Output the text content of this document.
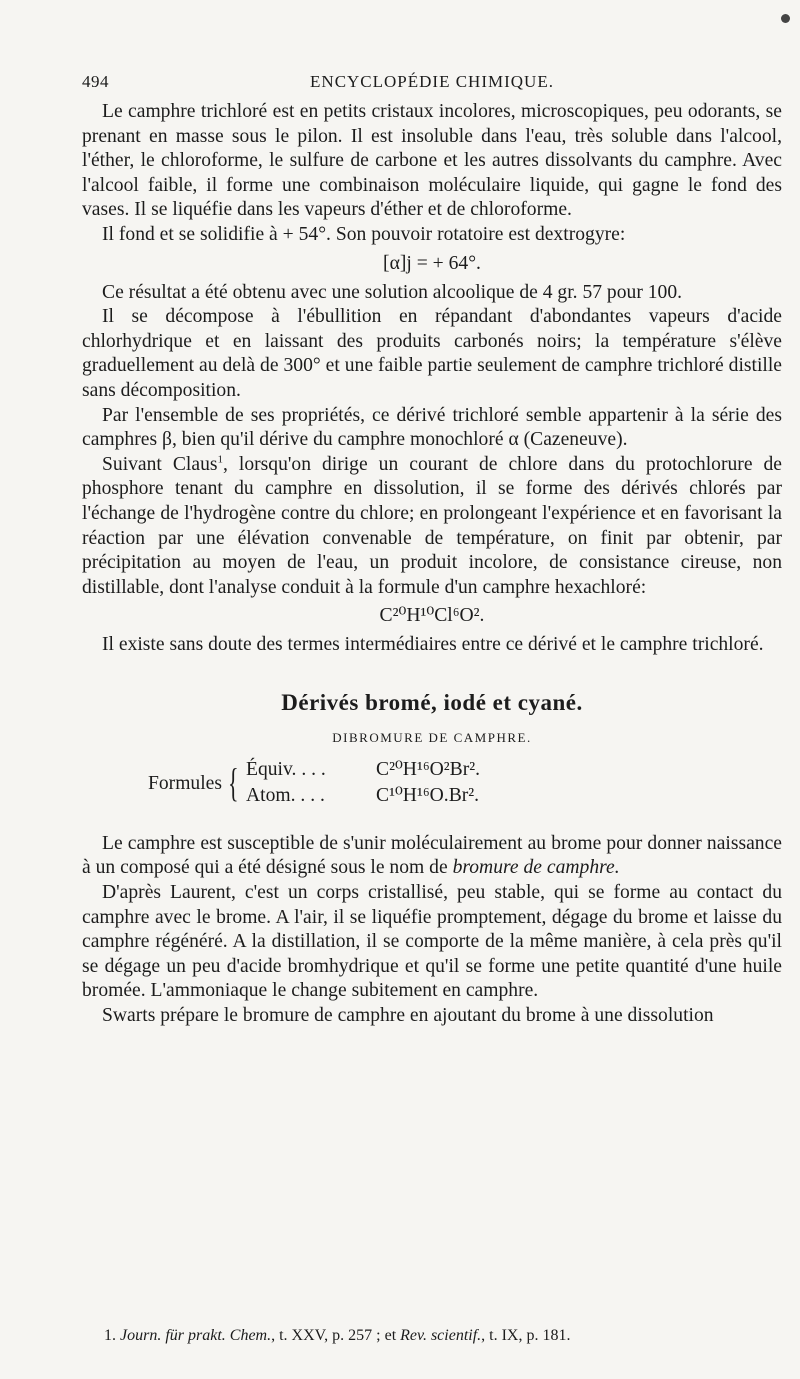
494	ENCYCLOPÉDIE CHIMIQUE.

Le camphre trichloré est en petits cristaux incolores, microscopiques, peu odorants, se prenant en masse sous le pilon. Il est insoluble dans l'eau, très soluble dans l'alcool, l'éther, le chloroforme, le sulfure de carbone et les autres dissolvants du camphre. Avec l'alcool faible, il forme une combinaison moléculaire liquide, qui gagne le fond des vases. Il se liquéfie dans les vapeurs d'éther et de chloroforme.

Il fond et se solidifie à + 54°. Son pouvoir rotatoire est dextrogyre:

[α]j = + 64°.

Ce résultat a été obtenu avec une solution alcoolique de 4 gr. 57 pour 100.

Il se décompose à l'ébullition en répandant d'abondantes vapeurs d'acide chlorhydrique et en laissant des produits carbonés noirs; la température s'élève graduellement au delà de 300° et une faible partie seulement de camphre trichloré distille sans décomposition.

Par l'ensemble de ses propriétés, ce dérivé trichloré semble appartenir à la série des camphres β, bien qu'il dérive du camphre monochloré α (Cazeneuve).

Suivant Claus$^1$, lorsqu'on dirige un courant de chlore dans du protochlorure de phosphore tenant du camphre en dissolution, il se forme des dérivés chlorés par l'échange de l'hydrogène contre du chlore; en prolongeant l'expérience et en favorisant la réaction par une élévation convenable de température, on finit par obtenir, par précipitation au moyen de l'eau, un produit incolore, de consistance cireuse, non distillable, dont l'analyse conduit à la formule d'un camphre hexachloré:

C²⁰H¹⁰Cl⁶O².

Il existe sans doute des termes intermédiaires entre ce dérivé et le camphre trichloré.

Dérivés bromé, iodé et cyané.
DIBROMURE DE CAMPHRE.
Formules { Équiv. . . .	C²⁰H¹⁶O²Br².
Atom. . . .	C¹⁰H¹⁶O.Br².

Le camphre est susceptible de s'unir moléculairement au brome pour donner naissance à un composé qui a été désigné sous le nom de bromure de camphre.

D'après Laurent, c'est un corps cristallisé, peu stable, qui se forme au contact du camphre avec le brome. A l'air, il se liquéfie promptement, dégage du brome et laisse du camphre régénéré. A la distillation, il se comporte de la même manière, à cela près qu'il se dégage un peu d'acide bromhydrique et qu'il se forme une petite quantité d'une huile bromée. L'ammoniaque le change subitement en camphre.

Swarts prépare le bromure de camphre en ajoutant du brome à une dissolution

1. Journ. für prakt. Chem., t. XXV, p. 257 ; et Rev. scientif., t. IX, p. 181.
